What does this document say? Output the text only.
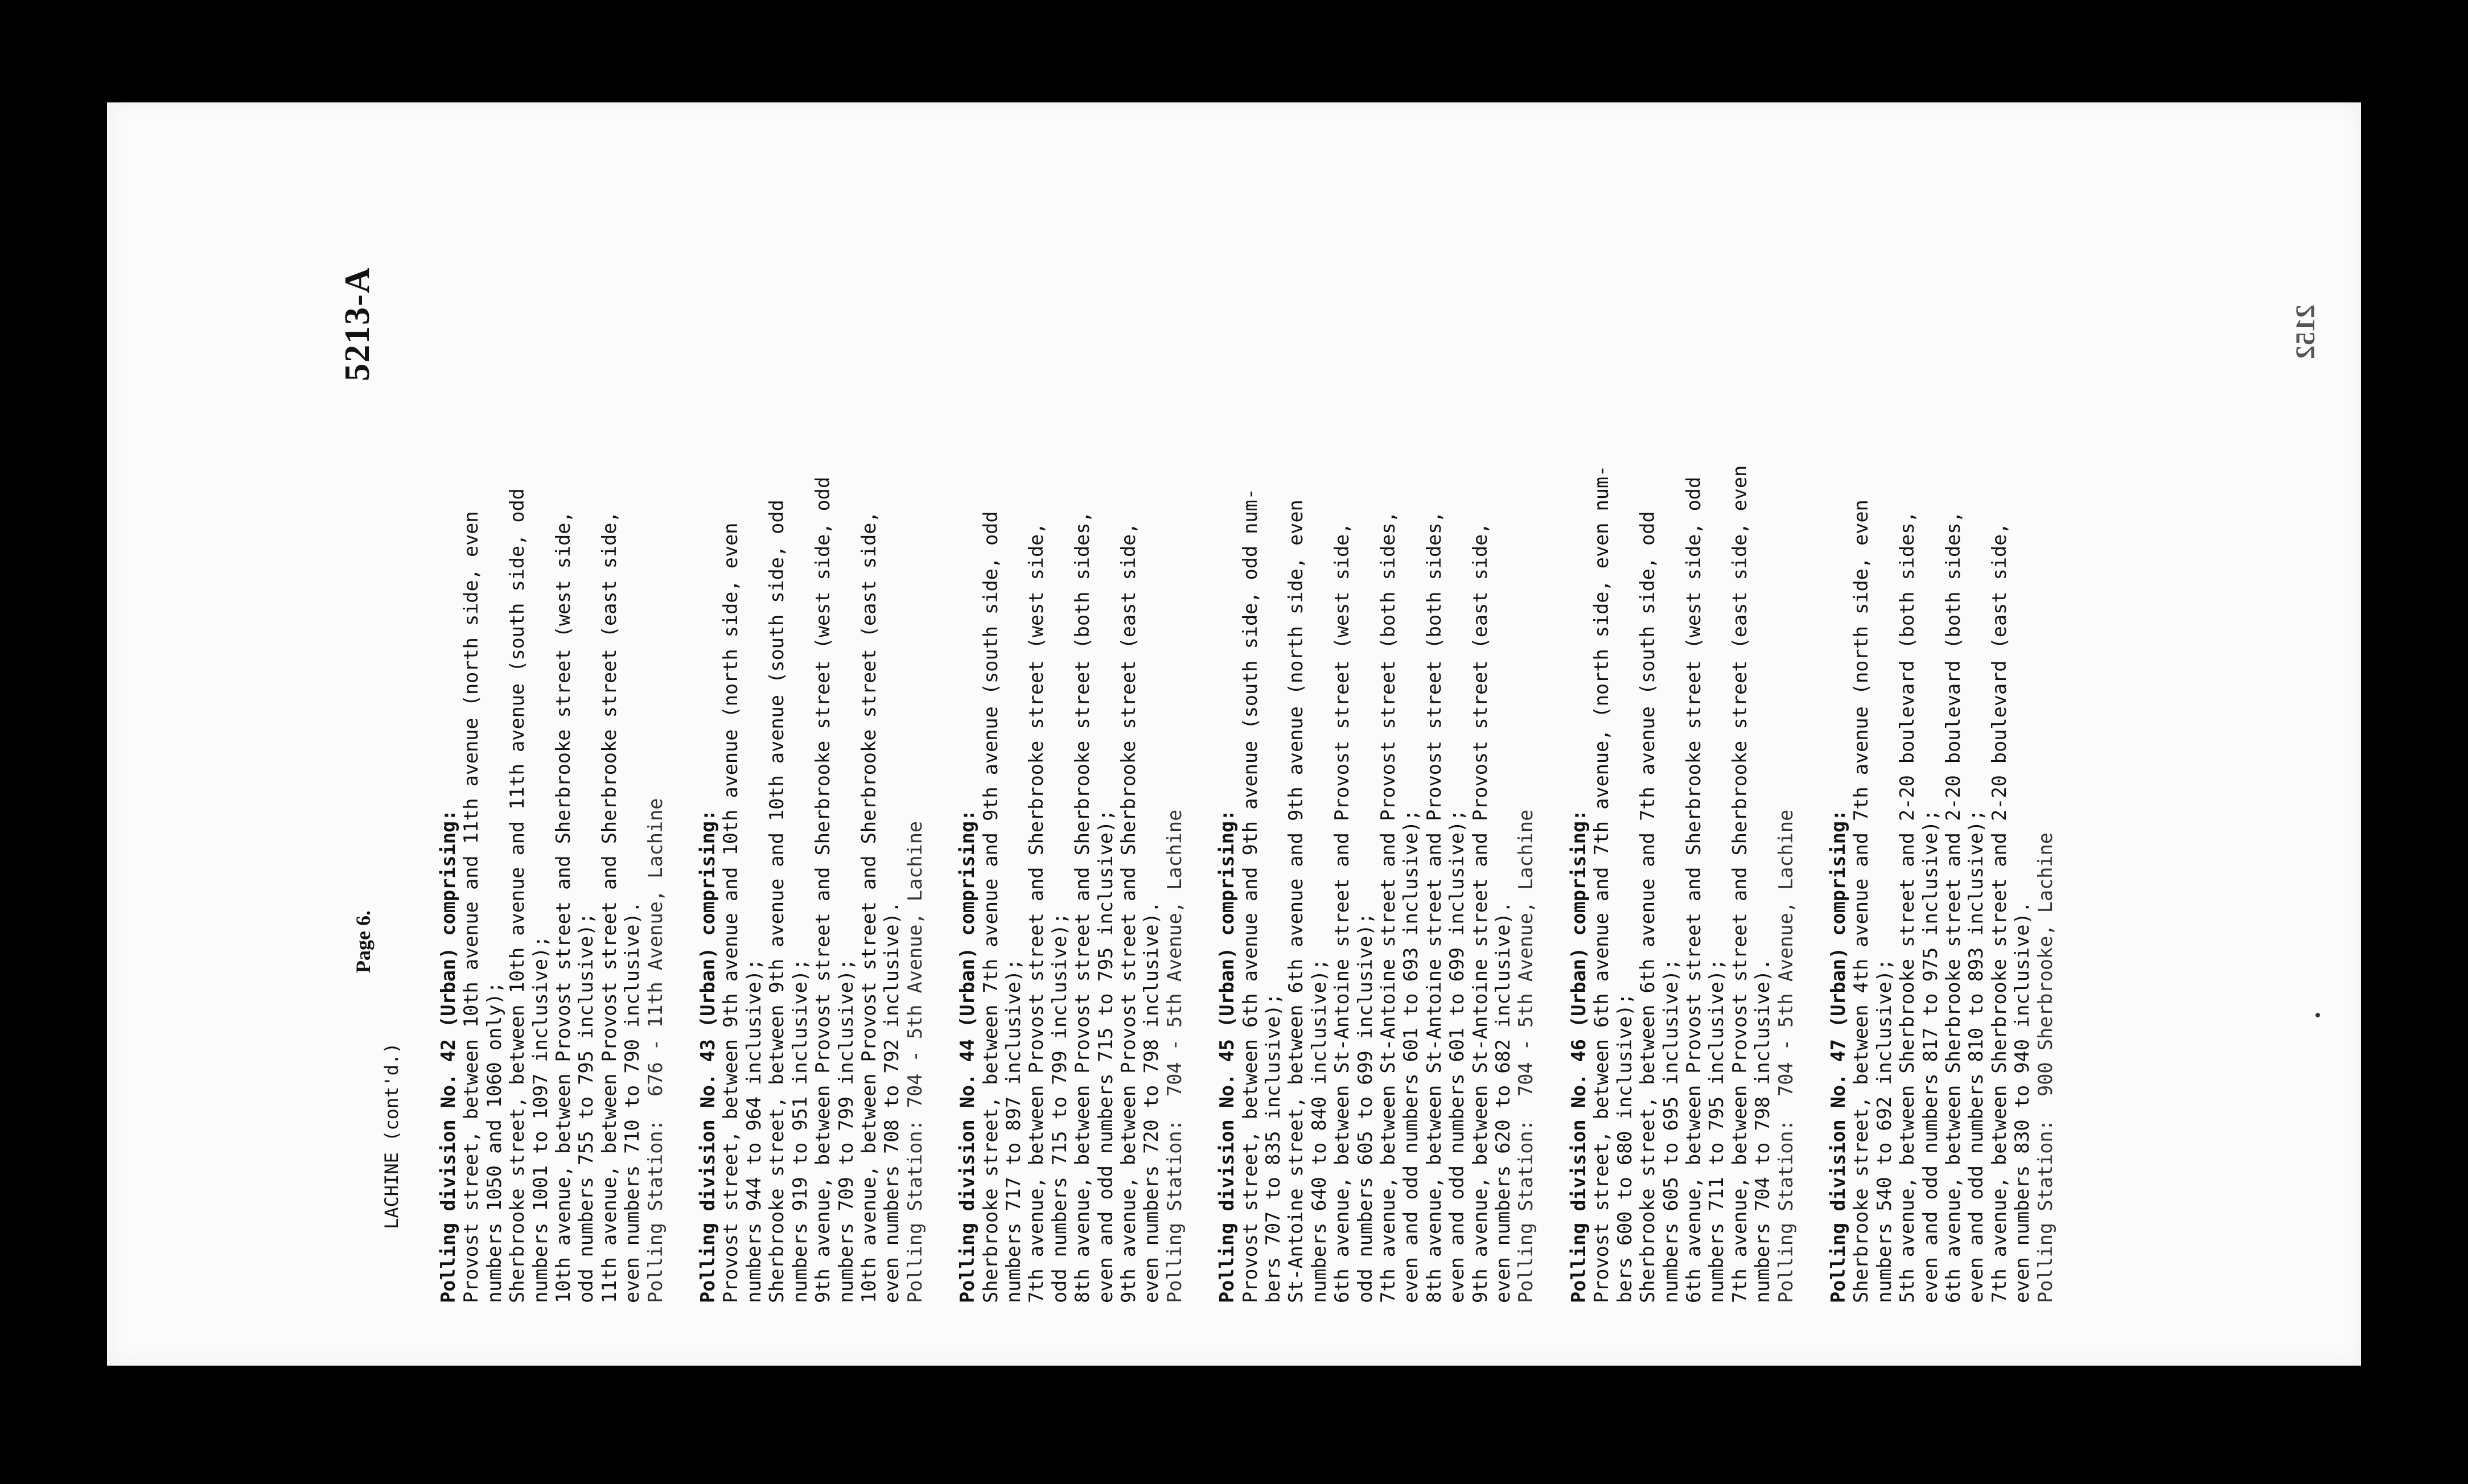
2152
Page 6.
5213-A
LACHINE (cont'd.) Polling division No. 42 (Urban) comprising: Provost street, between 10th avenue and 11th avenue (north side, even numbers 1050 and 1060 only); Sherbrooke street, between 10th avenue and 11th avenue (south side, odd numbers 1001 to 1097 inclusive); 10th avenue, between Provost street and Sherbrooke street (west side, odd numbers 755 to 795 inclusive); 11th avenue, between Provost street and Sherbrooke street (east side, even numbers 710 to 790 inclusive). Polling Station:  676 - 11th Avenue, Lachine Polling division No. 43 (Urban) comprising: Provost street, between 9th avenue and 10th avenue (north side, even numbers 944 to 964 inclusive); Sherbrooke street, between 9th avenue and 10th avenue (south side, odd numbers 919 to 951 inclusive); 9th avenue, between Provost street and Sherbrooke street (west side, odd numbers 709 to 799 inclusive); 10th avenue, between Provost street and Sherbrooke street (east side, even numbers 708 to 792 inclusive). Polling Station: 704 - 5th Avenue, Lachine Polling division No. 44 (Urban) comprising: Sherbrooke street, between 7th avenue and 9th avenue (south side, odd numbers 717 to 897 inclusive); 7th avenue, between Provost street and Sherbrooke street (west side, odd numbers 715 to 799 inclusive); 8th avenue, between Provost street and Sherbrooke street (both sides, even and odd numbers 715 to 795 inclusive); 9th avenue, between Provost street and Sherbrooke street (east side, even numbers 720 to 798 inclusive). Polling Station:  704 - 5th Avenue, Lachine Polling division No. 45 (Urban) comprising: Provost street, between 6th avenue and 9th avenue (south side, odd num- bers 707 to 835 inclusive); St-Antoine street, between 6th avenue and 9th avenue (north side, even numbers 640 to 840 inclusive); 6th avenue, between St-Antoine street and Provost street (west side, odd numbers 605 to 699 inclusive); 7th avenue, between St-Antoine street and Provost street (both sides, even and odd numbers 601 to 693 inclusive); 8th avenue, between St-Antoine street and Provost street (both sides, even and odd numbers 601 to 699 inclusive); 9th avenue, between St-Antoine street and Provost street (east side, even numbers 620 to 682 inclusive). Polling Station:  704 - 5th Avenue, Lachine Polling division No. 46 (Urban) comprising: Provost street, between 6th avenue and 7th avenue, (north side, even num- bers 600 to 680 inclusive); Sherbrooke street, between 6th avenue and 7th avenue (south side, odd numbers 605 to 695 inclusive); 6th avenue, between Provost street and Sherbrooke street (west side, odd numbers 711 to 795 inclusive); 7th avenue, between Provost street and Sherbrooke street (east side, even numbers 704 to 798 inclusive). Polling Station:  704 - 5th Avenue, Lachine Polling division No. 47 (Urban) comprising: Sherbrooke street, between 4th avenue and 7th avenue (north side, even numbers 540 to 692 inclusive); 5th avenue, between Sherbrooke street and 2-20 boulevard (both sides, even and odd numbers 817 to 975 inclusive); 6th avenue, between Sherbrooke street and 2-20 boulevard (both sides, even and odd numbers 810 to 893 inclusive); 7th avenue, between Sherbrooke street and 2-20 boulevard (east side, even numbers 830 to 940 inclusive). Polling Station:  900 Sherbrooke, Lachine
